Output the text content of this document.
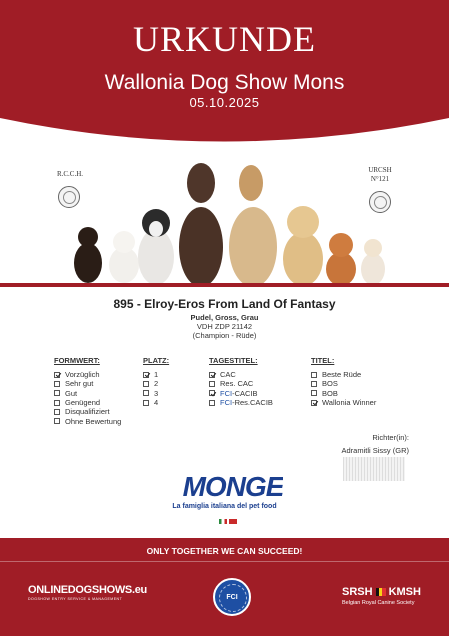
URKUNDE
Wallonia Dog Show Mons
05.10.2025
R.C.C.H.	URCSH
N°121
895 - Elroy-Eros From Land Of Fantasy
Pudel, Gross, Grau
VDH ZDP 21142
(Champion - Rüde)
FORMWERT:
Vorzüglich
Sehr gut
Gut
Genügend
Disqualifiziert
Ohne Bewertung
PLATZ:
1
2
3
4
TAGESTITEL:
CAC
Res. CAC
FCI -CACIB
FCI -Res.CACIB
TITEL:
Beste Rüde
BOS
BOB
Wallonia Winner
Richter(in):
Adramitli Sissy (GR)
MONGE
La famiglia italiana del pet food
ONLY TOGETHER WE CAN SUCCEED!
ONLINEDOGSHOWS.eu
DOGSHOW ENTRY SERVICE & MANAGEMENT	FCI	SRSH KMSH
Belgian Royal Canine Society
